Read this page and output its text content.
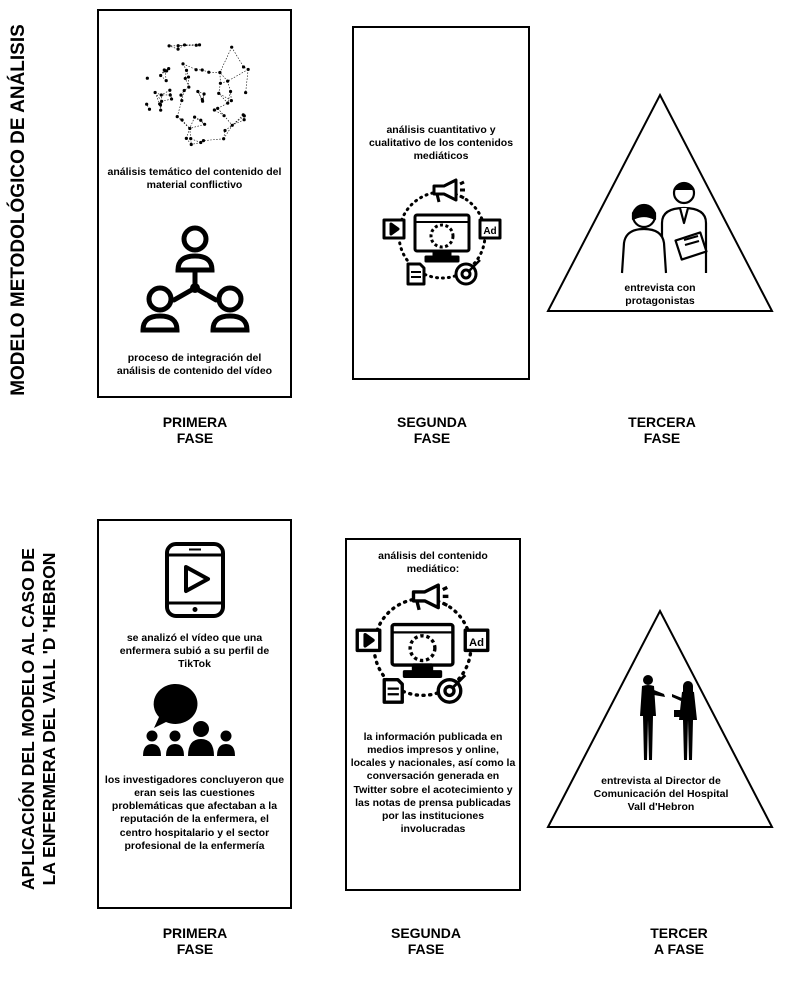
MODELO METODOLÓGICO DE ANÁLISIS	análisis temático del contenido del material conflictivo
proceso de integración del análisis de contenido del vídeo
PRIMERA
FASE
análisis cuantitativo y cualitativo de los contenidos mediáticos
Ad
SEGUNDA
FASE
entrevista con protagonistas
TERCERA
FASE
APLICACIÓN DEL MODELO AL CASO DE LA ENFERMERA DEL VALL 'D 'HEBRON	se analizó el vídeo que una enfermera subió a su perfil de TikTok
los investigadores concluyeron que eran seis las cuestiones problemáticas que afectaban a la reputación de la enfermera, el centro hospitalario y el sector profesional de la enfermería
PRIMERA
FASE
análisis del contenido mediático:
Ad
la información publicada en medios impresos y online, locales y nacionales, así como la conversación generada en Twitter sobre el acotecimiento y las notas de prensa publicadas por las instituciones involucradas
SEGUNDA
FASE
entrevista al Director de Comunicación del Hospital Vall d'Hebron
TERCER
A FASE
